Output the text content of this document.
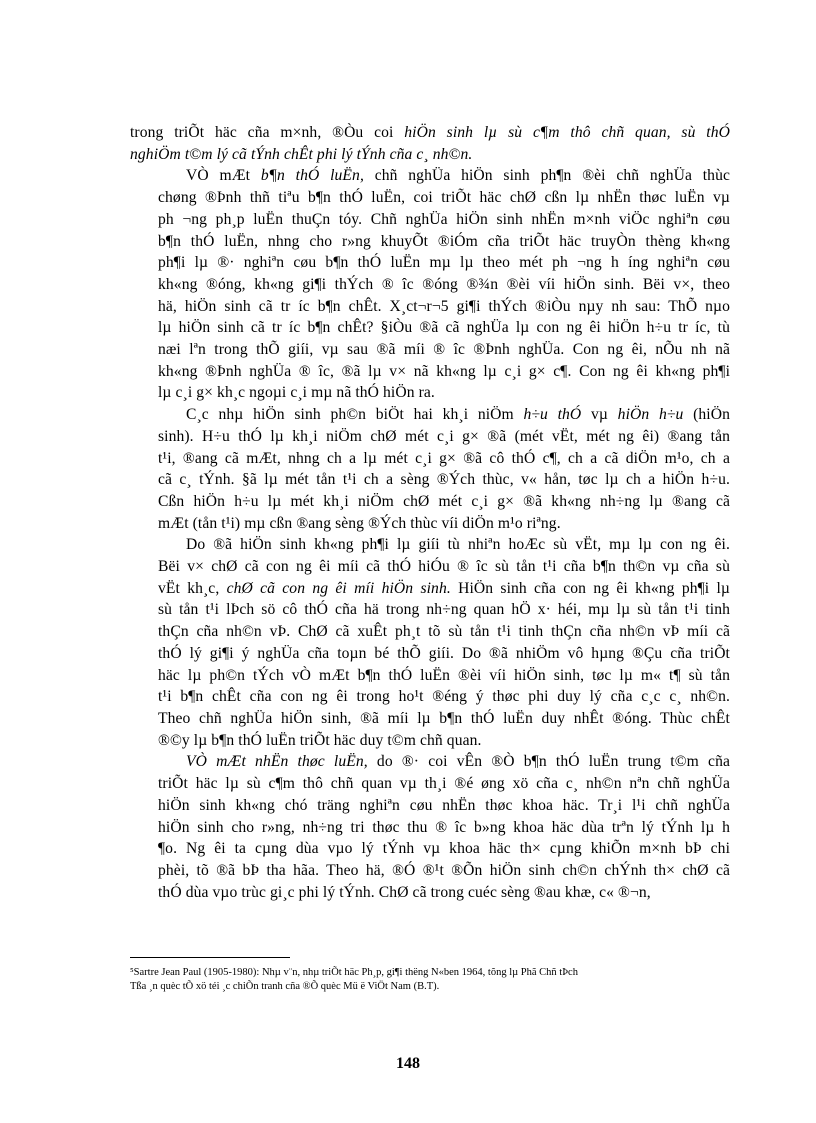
trong triÕt häc cña m×nh, ®Òu coi hiÖn sinh lµ sù c¶m thô chñ quan, sù thÓ
nghiÖm t©m lý cã tÝnh chÊt phi lý tÝnh cña c¸ nh©n.

VÒ mÆt b¶n thÓ luËn, chñ nghÜa hiÖn sinh ph¶n ®èi chñ nghÜa thùc
chøng ®Þnh thñ tiªu b¶n thÓ luËn, coi triÕt häc chØ cßn lµ nhËn thøc luËn vµ
ph ¬ng ph¸p luËn thuÇn tóy. Chñ nghÜa hiÖn sinh nhËn m×nh viÖc nghiªn cøu
b¶n thÓ luËn, nhng cho r»ng khuyÕt ®iÓm cña triÕt häc truyÒn thèng kh«ng
ph¶i lµ ®· nghiªn cøu b¶n thÓ luËn mµ lµ theo mét ph ¬ng h íng nghiªn cøu
kh«ng ®óng, kh«ng gi¶i thÝch ® îc ®óng ®¾n ®èi víi hiÖn sinh. Bëi v×, theo
hä, hiÖn sinh cã tr íc b¶n chÊt. X¸ct¬r¬5 gi¶i thÝch ®iÒu nµy nh sau: ThÕ nµo
lµ hiÖn sinh cã tr íc b¶n chÊt? §iÒu ®ã cã nghÜa lµ con ng êi hiÖn h÷u tr íc, tù
næi lªn trong thÕ giíi, vµ sau ®ã míi ® îc ®Þnh nghÜa. Con ng êi, nÕu nh nã
kh«ng ®Þnh nghÜa ® îc, ®ã lµ v× nã kh«ng lµ c¸i g× c¶. Con ng êi kh«ng ph¶i
lµ c¸i g× kh¸c ngoµi c¸i mµ nã thÓ hiÖn ra.

C¸c nhµ hiÖn sinh ph©n biÖt hai kh¸i niÖm h÷u thÓ vµ hiÖn h÷u (hiÖn
sinh). H÷u thÓ lµ kh¸i niÖm chØ mét c¸i g× ®ã (mét vËt, mét ng êi) ®ang tån
t¹i, ®ang cã mÆt, nhng ch a lµ mét c¸i g× ®ã cô thÓ c¶, ch a cã diÖn m¹o, ch a
cã c¸ tÝnh. §ã lµ mét tån t¹i ch a sèng ®Ých thùc, v« hån, tøc lµ ch a hiÖn h÷u.
Cßn hiÖn h÷u lµ mét kh¸i niÖm chØ mét c¸i g× ®ã kh«ng nh÷ng lµ ®ang cã
mÆt (tån t¹i) mµ cßn ®ang sèng ®Ých thùc víi diÖn m¹o riªng.

Do ®ã hiÖn sinh kh«ng ph¶i lµ giíi tù nhiªn hoÆc sù vËt, mµ lµ con ng êi.
Bëi v× chØ cã con ng êi míi cã thÓ hiÓu ® îc sù tån t¹i cña b¶n th©n vµ cña sù
vËt kh¸c, chØ cã con ng êi míi hiÖn sinh. HiÖn sinh cña con ng êi kh«ng ph¶i lµ
sù tån t¹i lÞch sö cô thÓ cña hä trong nh÷ng quan hÖ x· héi, mµ lµ sù tån t¹i tinh
thÇn cña nh©n vÞ. ChØ cã xuÊt ph¸t tõ sù tån t¹i tinh thÇn cña nh©n vÞ míi cã
thÓ lý gi¶i ý nghÜa cña toµn bé thÕ giíi. Do ®ã nhiÖm vô hµng ®Çu cña triÕt
häc lµ ph©n tÝch vÒ mÆt b¶n thÓ luËn ®èi víi hiÖn sinh, tøc lµ m« t¶ sù tån
t¹i b¶n chÊt cña con ng êi trong ho¹t ®éng ý thøc phi duy lý cña c¸c c¸ nh©n.
Theo chñ nghÜa hiÖn sinh, ®ã míi lµ b¶n thÓ luËn duy nhÊt ®óng. Thùc chÊt
®©y lµ b¶n thÓ luËn triÕt häc duy t©m chñ quan.

VÒ mÆt nhËn thøc luËn, do ®· coi vÊn ®Ò b¶n thÓ luËn trung t©m cña
triÕt häc lµ sù c¶m thô chñ quan vµ th¸i ®é øng xö cña c¸ nh©n nªn chñ nghÜa
hiÖn sinh kh«ng chó träng nghiªn cøu nhËn thøc khoa häc. Tr¸i l¹i chñ nghÜa
hiÖn sinh cho r»ng, nh÷ng tri thøc thu ® îc b»ng khoa häc dùa trªn lý tÝnh lµ h
¶o. Ng êi ta cµng dùa vµo lý tÝnh vµ khoa häc th× cµng khiÕn m×nh bÞ chi
phèi, tõ ®ã bÞ tha hãa. Theo hä, ®Ó ®¹t ®Õn hiÖn sinh ch©n chÝnh th× chØ cã
thÓ dùa vµo trùc gi¸c phi lý tÝnh. ChØ cã trong cuéc sèng ®au khæ, c« ®¬n,

⁵Sartre Jean Paul (1905-1980): Nhµ v¨n, nhµ triÕt häc Ph¸p, gi¶i thëng N«ben 1964, tõng lµ Phã Chñ tÞch
Tßa ¸n quèc tÕ xö téi ¸c chiÕn tranh cña ®Õ quèc Mü ë ViÖt Nam (B.T).
148
